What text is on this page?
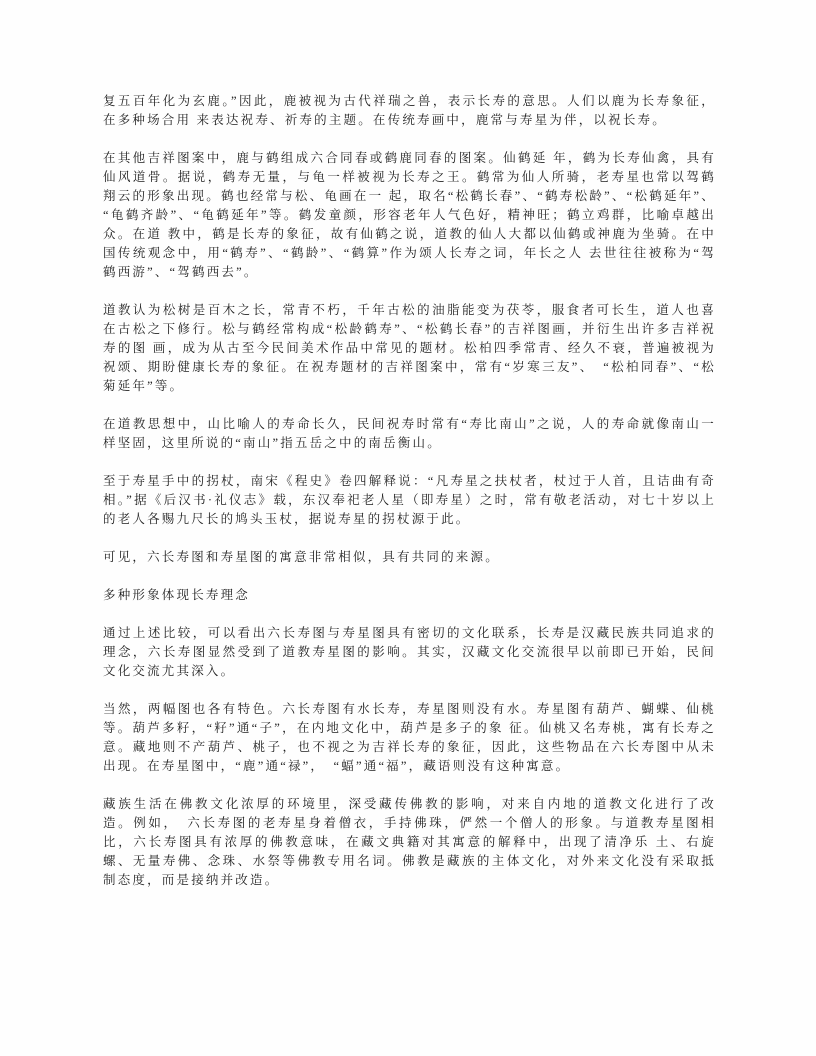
复五百年化为玄鹿。”因此，鹿被视为古代祥瑞之兽，表示长寿的意思。人们以鹿为长寿象征，在多种场合用 来表达祝寿、祈寿的主题。在传统寿画中，鹿常与寿星为伴，以祝长寿。

在其他吉祥图案中，鹿与鹤组成六合同春或鹤鹿同春的图案。仙鹤延 年，鹤为长寿仙禽，具有仙风道骨。据说，鹤寿无量，与龟一样被视为长寿之王。鹤常为仙人所骑，老寿星也常以驾鹤翔云的形象出现。鹤也经常与松、龟画在一 起，取名“松鹤长春”、“鹤寿松龄”、“松鹤延年”、“龟鹤齐龄”、“龟鹤延年”等。鹤发童颜，形容老年人气色好，精神旺；鹤立鸡群，比喻卓越出众。在道 教中，鹤是长寿的象征，故有仙鹤之说，道教的仙人大都以仙鹤或神鹿为坐骑。在中国传统观念中，用“鹤寿”、“鹤龄”、“鹤算”作为颂人长寿之词，年长之人 去世往往被称为“驾鹤西游”、“驾鹤西去”。

道教认为松树是百木之长，常青不朽，千年古松的油脂能变为茯苓，服食者可长生，道人也喜在古松之下修行。松与鹤经常构成“松龄鹤寿”、“松鹤长春”的吉祥图画，并衍生出许多吉祥祝寿的图 画，成为从古至今民间美术作品中常见的题材。松柏四季常青、经久不衰，普遍被视为祝颂、期盼健康长寿的象征。在祝寿题材的吉祥图案中，常有“岁寒三友”、　“松柏同春”、“松菊延年”等。

在道教思想中，山比喻人的寿命长久，民间祝寿时常有“寿比南山”之说，人的寿命就像南山一样坚固，这里所说的“南山”指五岳之中的南岳衡山。

至于寿星手中的拐杖，南宋《程史》卷四解释说：“凡寿星之扶杖者，杖过于人首，且诘曲有奇相。”据《后汉书·礼仪志》载，东汉奉祀老人星（即寿星）之时，常有敬老活动，对七十岁以上的老人各赐九尺长的鸠头玉杖，据说寿星的拐杖源于此。

可见，六长寿图和寿星图的寓意非常相似，具有共同的来源。

多种形象体现长寿理念

通过上述比较，可以看出六长寿图与寿星图具有密切的文化联系，长寿是汉藏民族共同追求的理念，六长寿图显然受到了道教寿星图的影响。其实，汉藏文化交流很早以前即已开始，民间文化交流尤其深入。

当然，两幅图也各有特色。六长寿图有水长寿，寿星图则没有水。寿星图有葫芦、蝴蝶、仙桃等。葫芦多籽，“籽”通“子”，在内地文化中，葫芦是多子的象 征。仙桃又名寿桃，寓有长寿之意。藏地则不产葫芦、桃子，也不视之为吉祥长寿的象征，因此，这些物品在六长寿图中从未出现。在寿星图中，“鹿”通“禄”，　“蝠”通“福”，藏语则没有这种寓意。

藏族生活在佛教文化浓厚的环境里，深受藏传佛教的影响，对来自内地的道教文化进行了改造。例如，　六长寿图的老寿星身着僧衣，手持佛珠，俨然一个僧人的形象。与道教寿星图相比，六长寿图具有浓厚的佛教意味，在藏文典籍对其寓意的解释中，出现了清净乐 土、右旋螺、无量寿佛、念珠、水祭等佛教专用名词。佛教是藏族的主体文化，对外来文化没有采取抵制态度，而是接纳并改造。
